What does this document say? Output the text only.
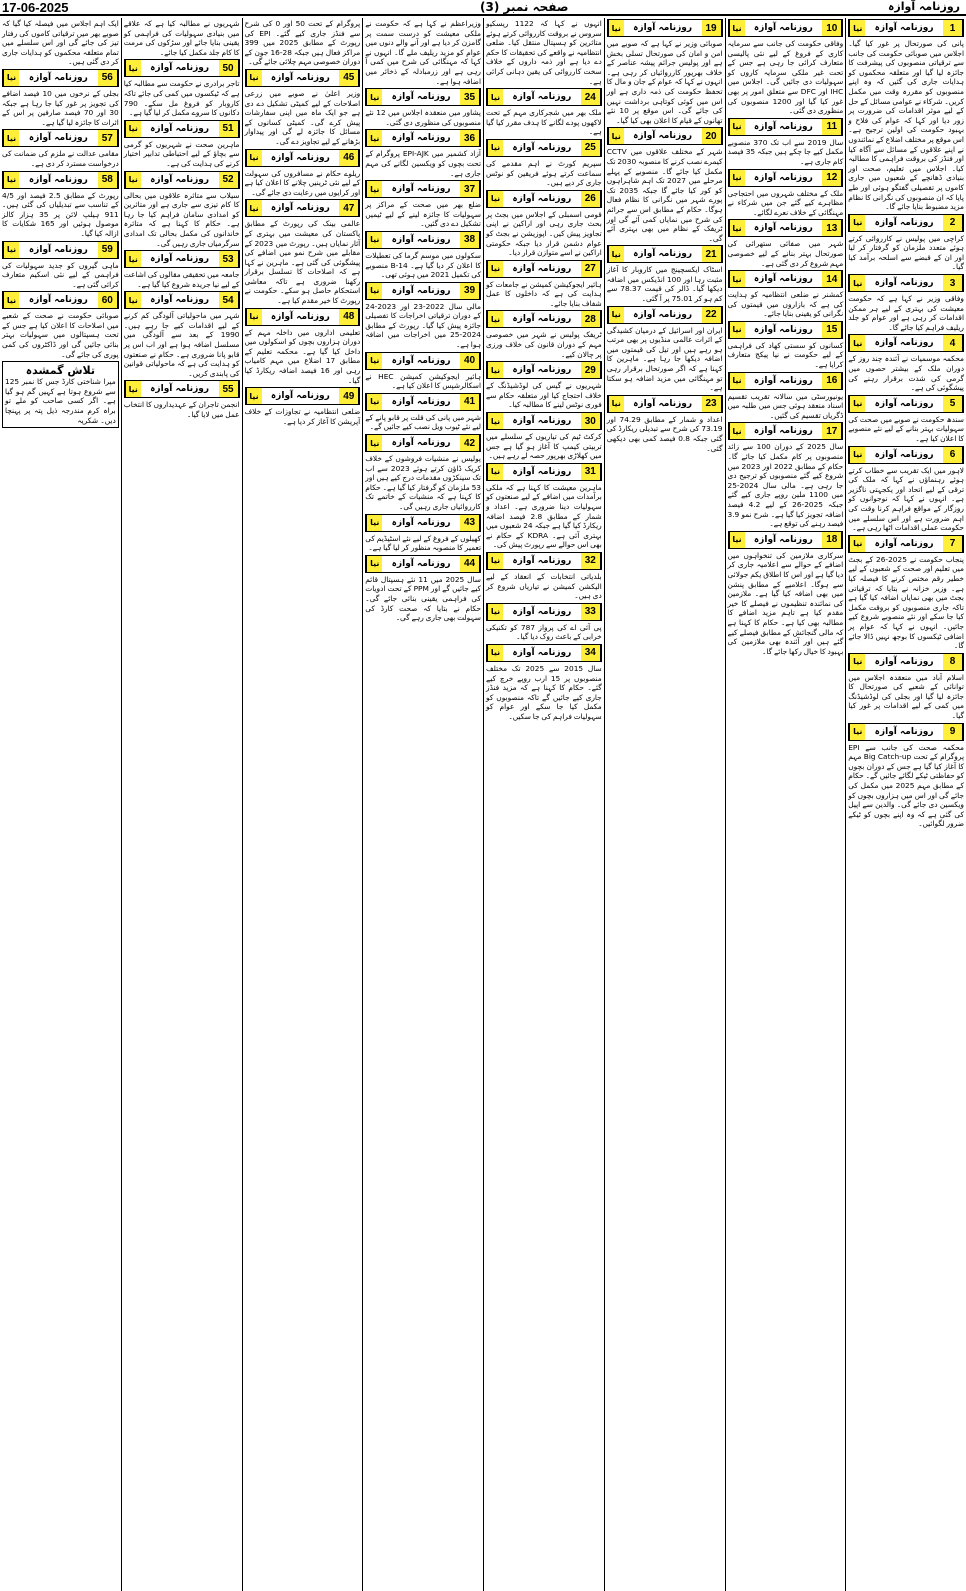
17-06-2025	صفحہ نمبر (3)	روزنامہ آوازہ
نیا	روزنامہ آوازہ	1
پانی کی صورتحال پر غور کیا گیا۔ اجلاس میں صوبائی حکومت کی جانب سے ترقیاتی منصوبوں کی پیشرفت کا جائزہ لیا گیا اور متعلقہ محکموں کو ہدایات جاری کی گئیں کہ وہ اپنے منصوبوں کو مقررہ وقت میں مکمل کریں۔ شرکاء نے عوامی مسائل کے حل کے لیے موثر اقدامات کی ضرورت پر زور دیا اور کہا کہ عوام کی فلاح و بہبود حکومت کی اولین ترجیح ہے۔ اس موقع پر مختلف اضلاع کے نمائندوں نے اپنے علاقوں کے مسائل سے آگاہ کیا اور فنڈز کی بروقت فراہمی کا مطالبہ کیا۔ اجلاس میں تعلیم، صحت اور بنیادی ڈھانچے کے شعبوں میں جاری کاموں پر تفصیلی گفتگو ہوئی اور طے پایا کہ ان منصوبوں کی نگرانی کا نظام مزید مضبوط بنایا جائے گا۔
نیا	روزنامہ آوازہ	2
کراچی میں پولیس نے کارروائی کرتے ہوئے متعدد ملزمان کو گرفتار کر لیا اور ان کے قبضے سے اسلحہ برآمد کیا گیا۔
نیا	روزنامہ آوازہ	3
وفاقی وزیر نے کہا ہے کہ حکومت معیشت کی بہتری کے لیے ہر ممکن اقدامات کر رہی ہے اور عوام کو جلد ریلیف فراہم کیا جائے گا۔
نیا	روزنامہ آوازہ	4
محکمہ موسمیات نے آئندہ چند روز کے دوران ملک کے بیشتر حصوں میں گرمی کی شدت برقرار رہنے کی پیشگوئی کی ہے۔
نیا	روزنامہ آوازہ	5
سندھ حکومت نے صوبے میں صحت کی سہولیات بہتر بنانے کے لیے نئے منصوبے کا اعلان کیا ہے۔
نیا	روزنامہ آوازہ	6
لاہور میں ایک تقریب سے خطاب کرتے ہوئے رہنماؤں نے کہا کہ ملک کی ترقی کے لیے اتحاد اور یکجہتی ناگزیر ہے۔ انہوں نے کہا کہ نوجوانوں کو روزگار کے مواقع فراہم کرنا وقت کی اہم ضرورت ہے اور اس سلسلے میں حکومت عملی اقدامات اٹھا رہی ہے۔
نیا	روزنامہ آوازہ	7
پنجاب حکومت نے 2025-26 کے بجٹ میں تعلیم اور صحت کے شعبوں کے لیے خطیر رقم مختص کرنے کا فیصلہ کیا ہے۔ وزیر خزانہ نے بتایا کہ ترقیاتی بجٹ میں بھی نمایاں اضافہ کیا گیا ہے تاکہ جاری منصوبوں کو بروقت مکمل کیا جا سکے اور نئے منصوبے شروع کیے جائیں۔ انہوں نے کہا کہ عوام پر اضافی ٹیکسوں کا بوجھ نہیں ڈالا جائے گا۔
نیا	روزنامہ آوازہ	8
اسلام آباد میں منعقدہ اجلاس میں توانائی کے شعبے کی صورتحال کا جائزہ لیا گیا اور بجلی کی لوڈشیڈنگ میں کمی کے لیے اقدامات پر غور کیا گیا۔
نیا	روزنامہ آوازہ	9
محکمہ صحت کی جانب سے EPI پروگرام کے تحت Big Catch-up مہم کا آغاز کیا گیا ہے جس کے دوران بچوں کو حفاظتی ٹیکے لگائے جائیں گے۔ حکام کے مطابق مہم 2025 میں مکمل کی جائے گی اور اس میں ہزاروں بچوں کو ویکسین دی جائے گی۔ والدین سے اپیل کی گئی ہے کہ وہ اپنے بچوں کو ٹیکے ضرور لگوائیں۔
نیا	روزنامہ آوازہ	10
وفاقی حکومت کی جانب سے سرمایہ کاری کے فروغ کے لیے نئی پالیسی متعارف کرائی جا رہی ہے جس کے تحت غیر ملکی سرمایہ کاروں کو سہولیات دی جائیں گی۔ اجلاس میں IHC اور DFC سے متعلق امور پر بھی غور کیا گیا اور 1200 منصوبوں کی منظوری دی گئی۔
نیا	روزنامہ آوازہ	11
سال 2019 سے اب تک 370 منصوبے مکمل کیے جا چکے ہیں جبکہ 35 فیصد کام جاری ہے۔
نیا	روزنامہ آوازہ	12
ملک کے مختلف شہروں میں احتجاجی مظاہرے کیے گئے جن میں شرکاء نے مہنگائی کے خلاف نعرے لگائے۔
نیا	روزنامہ آوازہ	13
شہر میں صفائی ستھرائی کی صورتحال بہتر بنانے کے لیے خصوصی مہم شروع کر دی گئی ہے۔
نیا	روزنامہ آوازہ	14
کمشنر نے ضلعی انتظامیہ کو ہدایت کی ہے کہ بازاروں میں قیمتوں کی نگرانی کو یقینی بنایا جائے۔
نیا	روزنامہ آوازہ	15
کسانوں کو سستی کھاد کی فراہمی کے لیے حکومت نے نیا پیکج متعارف کرایا ہے۔
نیا	روزنامہ آوازہ	16
یونیورسٹی میں سالانہ تقریب تقسیم اسناد منعقد ہوئی جس میں طلبہ میں ڈگریاں تقسیم کی گئیں۔
نیا	روزنامہ آوازہ	17
سال 2025 کے دوران 100 سے زائد منصوبوں پر کام مکمل کیا جائے گا۔ حکام کے مطابق 2022 اور 2023 میں شروع کیے گئے منصوبوں کو ترجیح دی جا رہی ہے۔ مالی سال 2024-25 میں 1100 ملین روپے جاری کیے گئے جبکہ 2025-26 کے لیے 4.2 فیصد اضافہ تجویز کیا گیا ہے۔ شرح نمو 3.9 فیصد رہنے کی توقع ہے۔
نیا	روزنامہ آوازہ	18
سرکاری ملازمین کی تنخواہوں میں اضافے کے حوالے سے اعلامیہ جاری کر دیا گیا ہے اور اس کا اطلاق یکم جولائی سے ہوگا۔ اعلامیے کے مطابق پنشن میں بھی اضافہ کیا گیا ہے۔ ملازمین کی نمائندہ تنظیموں نے فیصلے کا خیر مقدم کیا ہے تاہم مزید اضافے کا مطالبہ بھی کیا ہے۔ حکام کا کہنا ہے کہ مالی گنجائش کے مطابق فیصلے کیے گئے ہیں اور آئندہ بھی ملازمین کی بہبود کا خیال رکھا جائے گا۔
نیا	روزنامہ آوازہ	19
صوبائی وزیر نے کہا ہے کہ صوبے میں امن و امان کی صورتحال تسلی بخش ہے اور پولیس جرائم پیشہ عناصر کے خلاف بھرپور کارروائیاں کر رہی ہے۔ انہوں نے کہا کہ عوام کے جان و مال کا تحفظ حکومت کی ذمہ داری ہے اور اس میں کوئی کوتاہی برداشت نہیں کی جائے گی۔ اس موقع پر 10 نئے تھانوں کے قیام کا اعلان بھی کیا گیا۔
نیا	روزنامہ آوازہ	20
شہر کے مختلف علاقوں میں CCTV کیمرے نصب کرنے کا منصوبہ 2030 تک مکمل کیا جائے گا۔ منصوبے کے پہلے مرحلے میں 2027 تک اہم شاہراہوں کو کور کیا جائے گا جبکہ 2035 تک پورے شہر میں نگرانی کا نظام فعال ہوگا۔ حکام کے مطابق اس سے جرائم کی شرح میں نمایاں کمی آئے گی اور ٹریفک کے نظام میں بھی بہتری آئے گی۔
نیا	روزنامہ آوازہ	21
اسٹاک ایکسچینج میں کاروبار کا آغاز مثبت رہا اور 100 انڈیکس میں اضافہ دیکھا گیا۔ ڈالر کی قیمت 78.37 سے کم ہو کر 75.01 پر آ گئی۔
نیا	روزنامہ آوازہ	22
ایران اور اسرائیل کے درمیان کشیدگی کے اثرات عالمی منڈیوں پر بھی مرتب ہو رہے ہیں اور تیل کی قیمتوں میں اضافہ دیکھا جا رہا ہے۔ ماہرین کا کہنا ہے کہ اگر صورتحال برقرار رہی تو مہنگائی میں مزید اضافہ ہو سکتا ہے۔
نیا	روزنامہ آوازہ	23
اعداد و شمار کے مطابق 74.29 اور 73.19 کی شرح سے تبدیلی ریکارڈ کی گئی جبکہ 0.8 فیصد کمی بھی دیکھی گئی۔
انہوں نے کہا کہ 1122 ریسکیو سروس نے بروقت کارروائی کرتے ہوئے متاثرین کو ہسپتال منتقل کیا۔ ضلعی انتظامیہ نے واقعے کی تحقیقات کا حکم دے دیا ہے اور ذمہ داروں کے خلاف سخت کارروائی کی یقین دہانی کرائی ہے۔
نیا	روزنامہ آوازہ	24
ملک بھر میں شجرکاری مہم کے تحت لاکھوں پودے لگانے کا ہدف مقرر کیا گیا ہے۔
نیا	روزنامہ آوازہ	25
سپریم کورٹ نے اہم مقدمے کی سماعت کرتے ہوئے فریقین کو نوٹس جاری کر دیے ہیں۔
نیا	روزنامہ آوازہ	26
قومی اسمبلی کے اجلاس میں بجٹ پر بحث جاری رہی اور اراکین نے اپنی تجاویز پیش کیں۔ اپوزیشن نے بجٹ کو عوام دشمن قرار دیا جبکہ حکومتی اراکین نے اسے متوازن قرار دیا۔
نیا	روزنامہ آوازہ	27
ہائیر ایجوکیشن کمیشن نے جامعات کو ہدایت کی ہے کہ داخلوں کا عمل شفاف بنایا جائے۔
نیا	روزنامہ آوازہ	28
ٹریفک پولیس نے شہر میں خصوصی مہم کے دوران قانون کی خلاف ورزی پر چالان کیے۔
نیا	روزنامہ آوازہ	29
شہریوں نے گیس کی لوڈشیڈنگ کے خلاف احتجاج کیا اور متعلقہ حکام سے فوری نوٹس لینے کا مطالبہ کیا۔
نیا	روزنامہ آوازہ	30
کرکٹ ٹیم کی تیاریوں کے سلسلے میں تربیتی کیمپ کا آغاز ہو گیا ہے جس میں کھلاڑی بھرپور حصہ لے رہے ہیں۔
نیا	روزنامہ آوازہ	31
ماہرین معیشت کا کہنا ہے کہ ملکی برآمدات میں اضافے کے لیے صنعتوں کو سہولیات دینا ضروری ہے۔ اعداد و شمار کے مطابق 2.8 فیصد اضافہ ریکارڈ کیا گیا ہے جبکہ 24 شعبوں میں بہتری آئی ہے۔ KDRA کے حکام نے بھی اس حوالے سے رپورٹ پیش کی۔
نیا	روزنامہ آوازہ	32
بلدیاتی انتخابات کے انعقاد کے لیے الیکشن کمیشن نے تیاریاں شروع کر دی ہیں۔
نیا	روزنامہ آوازہ	33
پی آئی اے کی پرواز 787 کو تکنیکی خرابی کے باعث روک دیا گیا۔
نیا	روزنامہ آوازہ	34
سال 2015 سے 2025 تک مختلف منصوبوں پر 15 ارب روپے خرچ کیے گئے۔ حکام کا کہنا ہے کہ مزید فنڈز جاری کیے جائیں گے تاکہ منصوبوں کو مکمل کیا جا سکے اور عوام کو سہولیات فراہم کی جا سکیں۔
وزیراعظم نے کہا ہے کہ حکومت نے ملکی معیشت کو درست سمت پر گامزن کر دیا ہے اور آنے والے دنوں میں عوام کو مزید ریلیف ملے گا۔ انہوں نے کہا کہ مہنگائی کی شرح میں کمی آ رہی ہے اور زرمبادلہ کے ذخائر میں اضافہ ہوا ہے۔
نیا	روزنامہ آوازہ	35
پشاور میں منعقدہ اجلاس میں 12 نئے منصوبوں کی منظوری دی گئی۔
نیا	روزنامہ آوازہ	36
آزاد کشمیر میں EPI-AJK پروگرام کے تحت بچوں کو ویکسین لگانے کی مہم جاری ہے۔
نیا	روزنامہ آوازہ	37
ضلع بھر میں صحت کے مراکز پر سہولیات کا جائزہ لینے کے لیے ٹیمیں تشکیل دے دی گئیں۔
نیا	روزنامہ آوازہ	38
سکولوں میں موسم گرما کی تعطیلات کا اعلان کر دیا گیا ہے۔ B-14 منصوبے کی تکمیل 2021 میں ہوئی تھی۔
نیا	روزنامہ آوازہ	39
مالی سال 2022-23 اور 2023-24 کے دوران ترقیاتی اخراجات کا تفصیلی جائزہ پیش کیا گیا۔ رپورٹ کے مطابق 2024-25 میں اخراجات میں اضافہ ہوا ہے۔
نیا	روزنامہ آوازہ	40
ہائیر ایجوکیشن کمیشن HEC نے اسکالرشپس کا اعلان کیا ہے۔
نیا	روزنامہ آوازہ	41
شہر میں پانی کی قلت پر قابو پانے کے لیے نئے ٹیوب ویل نصب کیے جائیں گے۔
نیا	روزنامہ آوازہ	42
پولیس نے منشیات فروشوں کے خلاف کریک ڈاؤن کرتے ہوئے 2023 سے اب تک سینکڑوں مقدمات درج کیے ہیں اور 53 ملزمان کو گرفتار کیا گیا ہے۔ حکام کا کہنا ہے کہ منشیات کے خاتمے تک کارروائیاں جاری رہیں گی۔
نیا	روزنامہ آوازہ	43
کھیلوں کے فروغ کے لیے نئے اسٹیڈیم کی تعمیر کا منصوبہ منظور کر لیا گیا ہے۔
نیا	روزنامہ آوازہ	44
سال 2025 میں 11 نئے ہسپتال قائم کیے جائیں گے اور PPM کے تحت ادویات کی فراہمی یقینی بنائی جائے گی۔ حکام نے بتایا کہ صحت کارڈ کی سہولت بھی جاری رہے گی۔
پروگرام کے تحت 50 اور 0 کی شرح سے فنڈز جاری کیے گئے۔ EPI کی رپورٹ کے مطابق 2025 میں 399 مراکز فعال ہیں جبکہ 28-16 جون کے دوران خصوصی مہم چلائی جائے گی۔
نیا	روزنامہ آوازہ	45
وزیر اعلیٰ نے صوبے میں زرعی اصلاحات کے لیے کمیٹی تشکیل دے دی ہے جو ایک ماہ میں اپنی سفارشات پیش کرے گی۔ کمیٹی کسانوں کے مسائل کا جائزہ لے گی اور پیداوار بڑھانے کے لیے تجاویز دے گی۔
نیا	روزنامہ آوازہ	46
ریلوے حکام نے مسافروں کی سہولت کے لیے نئی ٹرینیں چلانے کا اعلان کیا ہے اور کرایوں میں رعایت دی جائے گی۔
نیا	روزنامہ آوازہ	47
عالمی بینک کی رپورٹ کے مطابق پاکستان کی معیشت میں بہتری کے آثار نمایاں ہیں۔ رپورٹ میں 2023 کے مقابلے میں شرح نمو میں اضافے کی پیشگوئی کی گئی ہے۔ ماہرین نے کہا ہے کہ اصلاحات کا تسلسل برقرار رکھنا ضروری ہے تاکہ معاشی استحکام حاصل ہو سکے۔ حکومت نے رپورٹ کا خیر مقدم کیا ہے۔
نیا	روزنامہ آوازہ	48
تعلیمی اداروں میں داخلہ مہم کے دوران ہزاروں بچوں کو اسکولوں میں داخل کیا گیا ہے۔ محکمہ تعلیم کے مطابق 17 اضلاع میں مہم کامیاب رہی اور 16 فیصد اضافہ ریکارڈ کیا گیا۔
نیا	روزنامہ آوازہ	49
ضلعی انتظامیہ نے تجاوزات کے خلاف آپریشن کا آغاز کر دیا ہے۔
شہریوں نے مطالبہ کیا ہے کہ علاقے میں بنیادی سہولیات کی فراہمی کو یقینی بنایا جائے اور سڑکوں کی مرمت کا کام جلد مکمل کیا جائے۔
نیا	روزنامہ آوازہ	50
تاجر برادری نے حکومت سے مطالبہ کیا ہے کہ ٹیکسوں میں کمی کی جائے تاکہ کاروبار کو فروغ مل سکے۔ 790 دکانوں کا سروے مکمل کر لیا گیا ہے۔
نیا	روزنامہ آوازہ	51
ماہرین صحت نے شہریوں کو گرمی سے بچاؤ کے لیے احتیاطی تدابیر اختیار کرنے کی ہدایت کی ہے۔
نیا	روزنامہ آوازہ	52
سیلاب سے متاثرہ علاقوں میں بحالی کا کام تیزی سے جاری ہے اور متاثرین کو امدادی سامان فراہم کیا جا رہا ہے۔ حکام کا کہنا ہے کہ متاثرہ خاندانوں کی مکمل بحالی تک امدادی سرگرمیاں جاری رہیں گی۔
نیا	روزنامہ آوازہ	53
جامعہ میں تحقیقی مقالوں کی اشاعت کے لیے نیا جریدہ شروع کیا گیا ہے۔
نیا	روزنامہ آوازہ	54
شہر میں ماحولیاتی آلودگی کم کرنے کے لیے اقدامات کیے جا رہے ہیں۔ 1990 کے بعد سے آلودگی میں مسلسل اضافہ ہوا ہے اور اب اس پر قابو پانا ضروری ہے۔ حکام نے صنعتوں کو ہدایت کی ہے کہ ماحولیاتی قوانین کی پابندی کریں۔
نیا	روزنامہ آوازہ	55
انجمن تاجران کے عہدیداروں کا انتخاب عمل میں لایا گیا۔
ایک اہم اجلاس میں فیصلہ کیا گیا کہ صوبے بھر میں ترقیاتی کاموں کی رفتار تیز کی جائے گی اور اس سلسلے میں تمام متعلقہ محکموں کو ہدایات جاری کر دی گئی ہیں۔
نیا	روزنامہ آوازہ	56
بجلی کے نرخوں میں 10 فیصد اضافے کی تجویز پر غور کیا جا رہا ہے جبکہ 30 اور 70 فیصد صارفین پر اس کے اثرات کا جائزہ لیا گیا ہے۔
نیا	روزنامہ آوازہ	57
مقامی عدالت نے ملزم کی ضمانت کی درخواست مسترد کر دی ہے۔
نیا	روزنامہ آوازہ	58
رپورٹ کے مطابق 2.5 فیصد اور 4/5 کے تناسب سے تبدیلیاں کی گئی ہیں۔ 911 ہیلپ لائن پر 35 ہزار کالز موصول ہوئیں اور 165 شکایات کا ازالہ کیا گیا۔
نیا	روزنامہ آوازہ	59
ماہی گیروں کو جدید سہولیات کی فراہمی کے لیے نئی اسکیم متعارف کرائی گئی ہے۔
نیا	روزنامہ آوازہ	60
صوبائی حکومت نے صحت کے شعبے میں اصلاحات کا اعلان کیا ہے جس کے تحت ہسپتالوں میں سہولیات بہتر بنائی جائیں گی اور ڈاکٹروں کی کمی پوری کی جائے گی۔
تلاش گمشدہ
میرا شناختی کارڈ جس کا نمبر 125 سے شروع ہوتا ہے کہیں گم ہو گیا ہے۔ اگر کسی صاحب کو ملے تو براہ کرم مندرجہ ذیل پتہ پر پہنچا دیں۔ شکریہ
